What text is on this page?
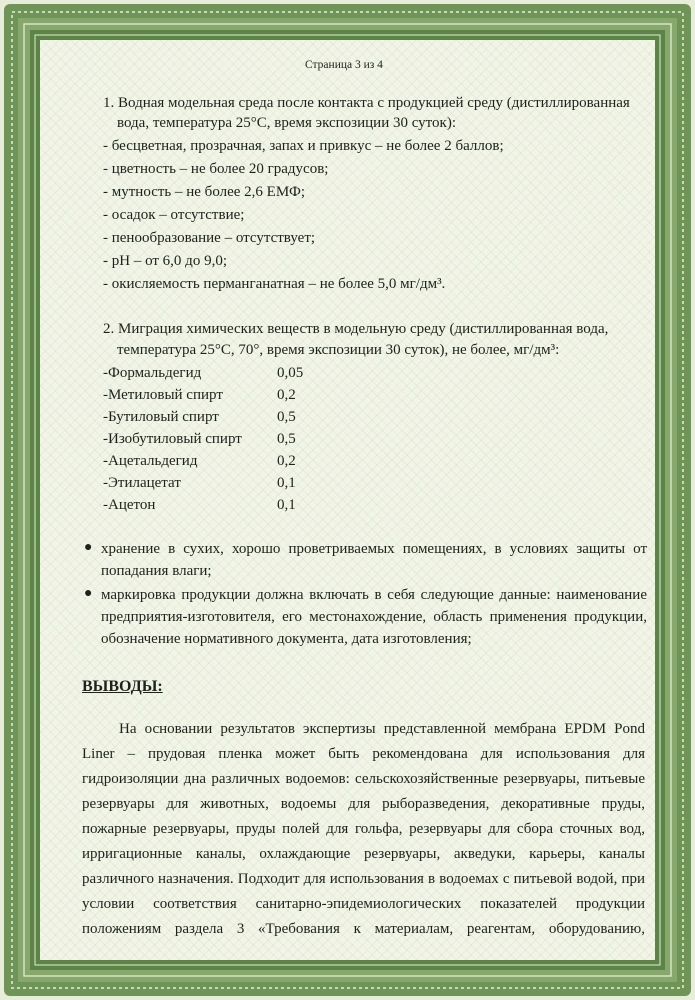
Страница 3 из 4
1. Водная модельная среда после контакта с продукцией среду (дистиллированная
вода, температура 25°С, время экспозиции 30 суток):
- бесцветная, прозрачная, запах и привкус – не более 2 баллов;
- цветность – не более 20 градусов;
- мутность – не более 2,6 ЕМФ;
- осадок – отсутствие;
- пенообразование – отсутствует;
- pH – от 6,0 до 9,0;
- окисляемость перманганатная – не более 5,0 мг/дм³.
2. Миграция химических веществ в модельную среду (дистиллированная вода,
температура 25°С, 70°, время экспозиции 30 суток), не более, мг/дм³:
-Формальдегид	0,05
-Метиловый спирт	0,2
-Бутиловый спирт	0,5
-Изобутиловый спирт 0,5
-Ацетальдегид	0,2
-Этилацетат	0,1
-Ацетон	0,1
● хранение в сухих, хорошо проветриваемых помещениях, в условиях защиты от
попадания влаги;
● маркировка продукции должна включать в себя следующие данные: наименование
предприятия-изготовителя, его местонахождение, область применения продукции,
обозначение нормативного документа, дата изготовления;
ВЫВОДЫ:
На основании результатов экспертизы представленной мембрана EPDM Pond
Liner – прудовая пленка может быть рекомендована для использования для
гидроизоляции дна различных водоемов: сельскохозяйственные резервуары, питьевые
резервуары для животных, водоемы для рыборазведения, декоративные пруды,
пожарные резервуары, пруды полей для гольфа, резервуары для сбора сточных вод,
ирригационные каналы, охлаждающие резервуары, акведуки, карьеры, каналы
различного назначения. Подходит для использования в водоемах с питьевой водой, при
условии соответствия санитарно-эпидемиологических показателей продукции
положениям раздела 3 «Требования к материалам, реагентам, оборудованию,
